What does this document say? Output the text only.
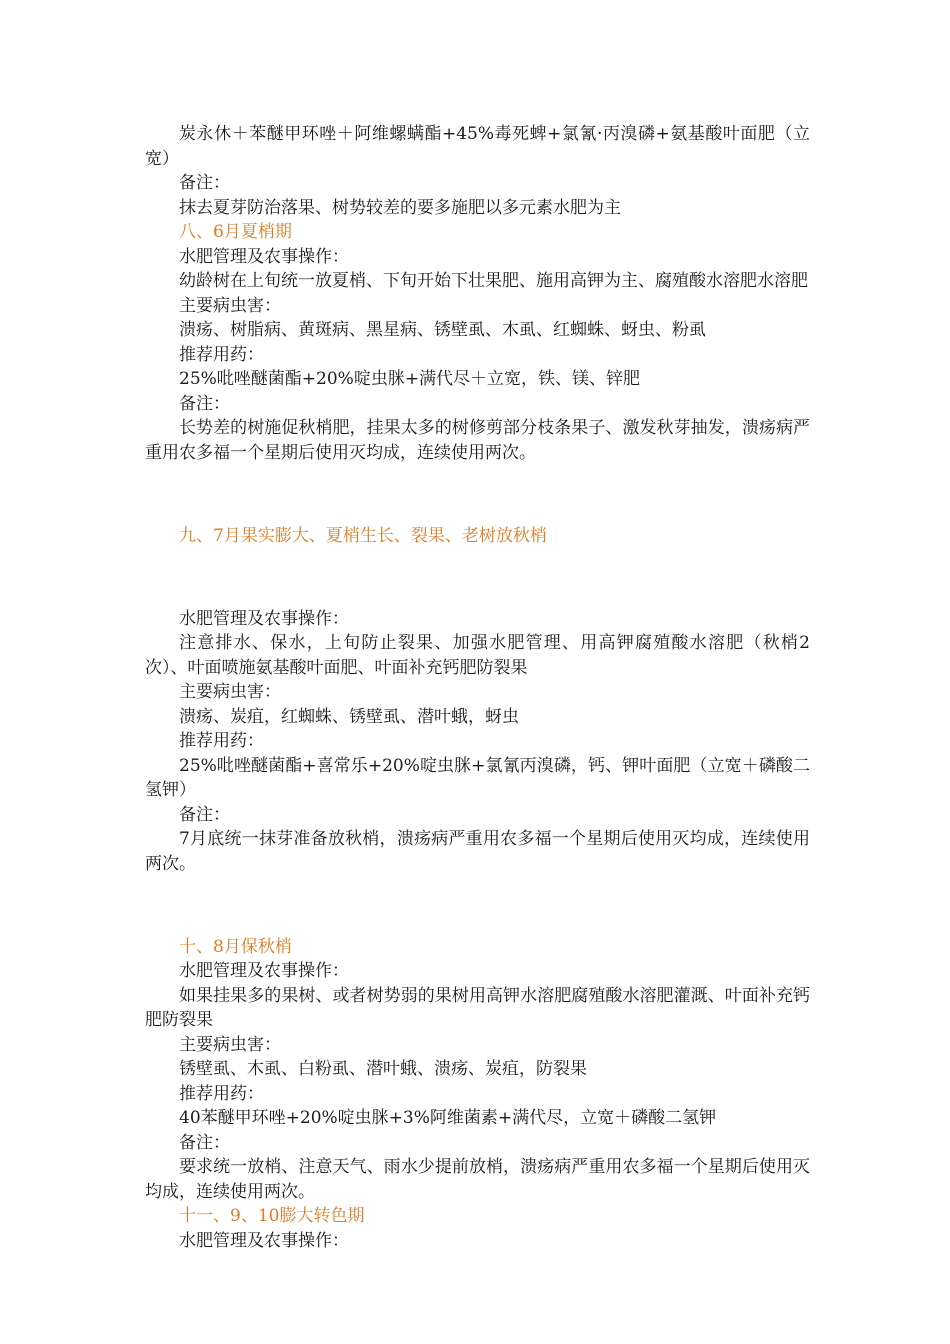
炭永休＋苯醚甲环唑＋阿维螺螨酯+45%毒死蜱+氯氰·丙溴磷+氨基酸叶面肥（立宽）

备注：

抹去夏芽防治落果、树势较差的要多施肥以多元素水肥为主

八、6月夏梢期

水肥管理及农事操作：

幼龄树在上旬统一放夏梢、下旬开始下壮果肥、施用高钾为主、腐殖酸水溶肥水溶肥

主要病虫害：

溃疡、树脂病、黄斑病、黑星病、锈壁虱、木虱、红蜘蛛、蚜虫、粉虱

推荐用药：

25%吡唑醚菌酯+20%啶虫脒+满代尽＋立宽，铁、镁、锌肥

备注：

长势差的树施促秋梢肥，挂果太多的树修剪部分枝条果子、激发秋芽抽发，溃疡病严重用农多福一个星期后使用灭均成，连续使用两次。

九、7月果实膨大、夏梢生长、裂果、老树放秋梢

水肥管理及农事操作：

注意排水、保水，上旬防止裂果、加强水肥管理、用高钾腐殖酸水溶肥（秋梢2次）、叶面喷施氨基酸叶面肥、叶面补充钙肥防裂果

主要病虫害：

溃疡、炭疽，红蜘蛛、锈壁虱、潜叶蛾，蚜虫

推荐用药：

25%吡唑醚菌酯+喜常乐+20%啶虫脒+氯氰丙溴磷，钙、钾叶面肥（立宽＋磷酸二氢钾）

备注：

7月底统一抹芽准备放秋梢，溃疡病严重用农多福一个星期后使用灭均成，连续使用两次。

十、8月保秋梢

水肥管理及农事操作：

如果挂果多的果树、或者树势弱的果树用高钾水溶肥腐殖酸水溶肥灌溉、叶面补充钙肥防裂果

主要病虫害：

锈壁虱、木虱、白粉虱、潜叶蛾、溃疡、炭疽，防裂果

推荐用药：

40苯醚甲环唑+20%啶虫脒+3%阿维菌素+满代尽，立宽＋磷酸二氢钾

备注：

要求统一放梢、注意天气、雨水少提前放梢，溃疡病严重用农多福一个星期后使用灭均成，连续使用两次。

十一、9、10膨大转色期

水肥管理及农事操作：
